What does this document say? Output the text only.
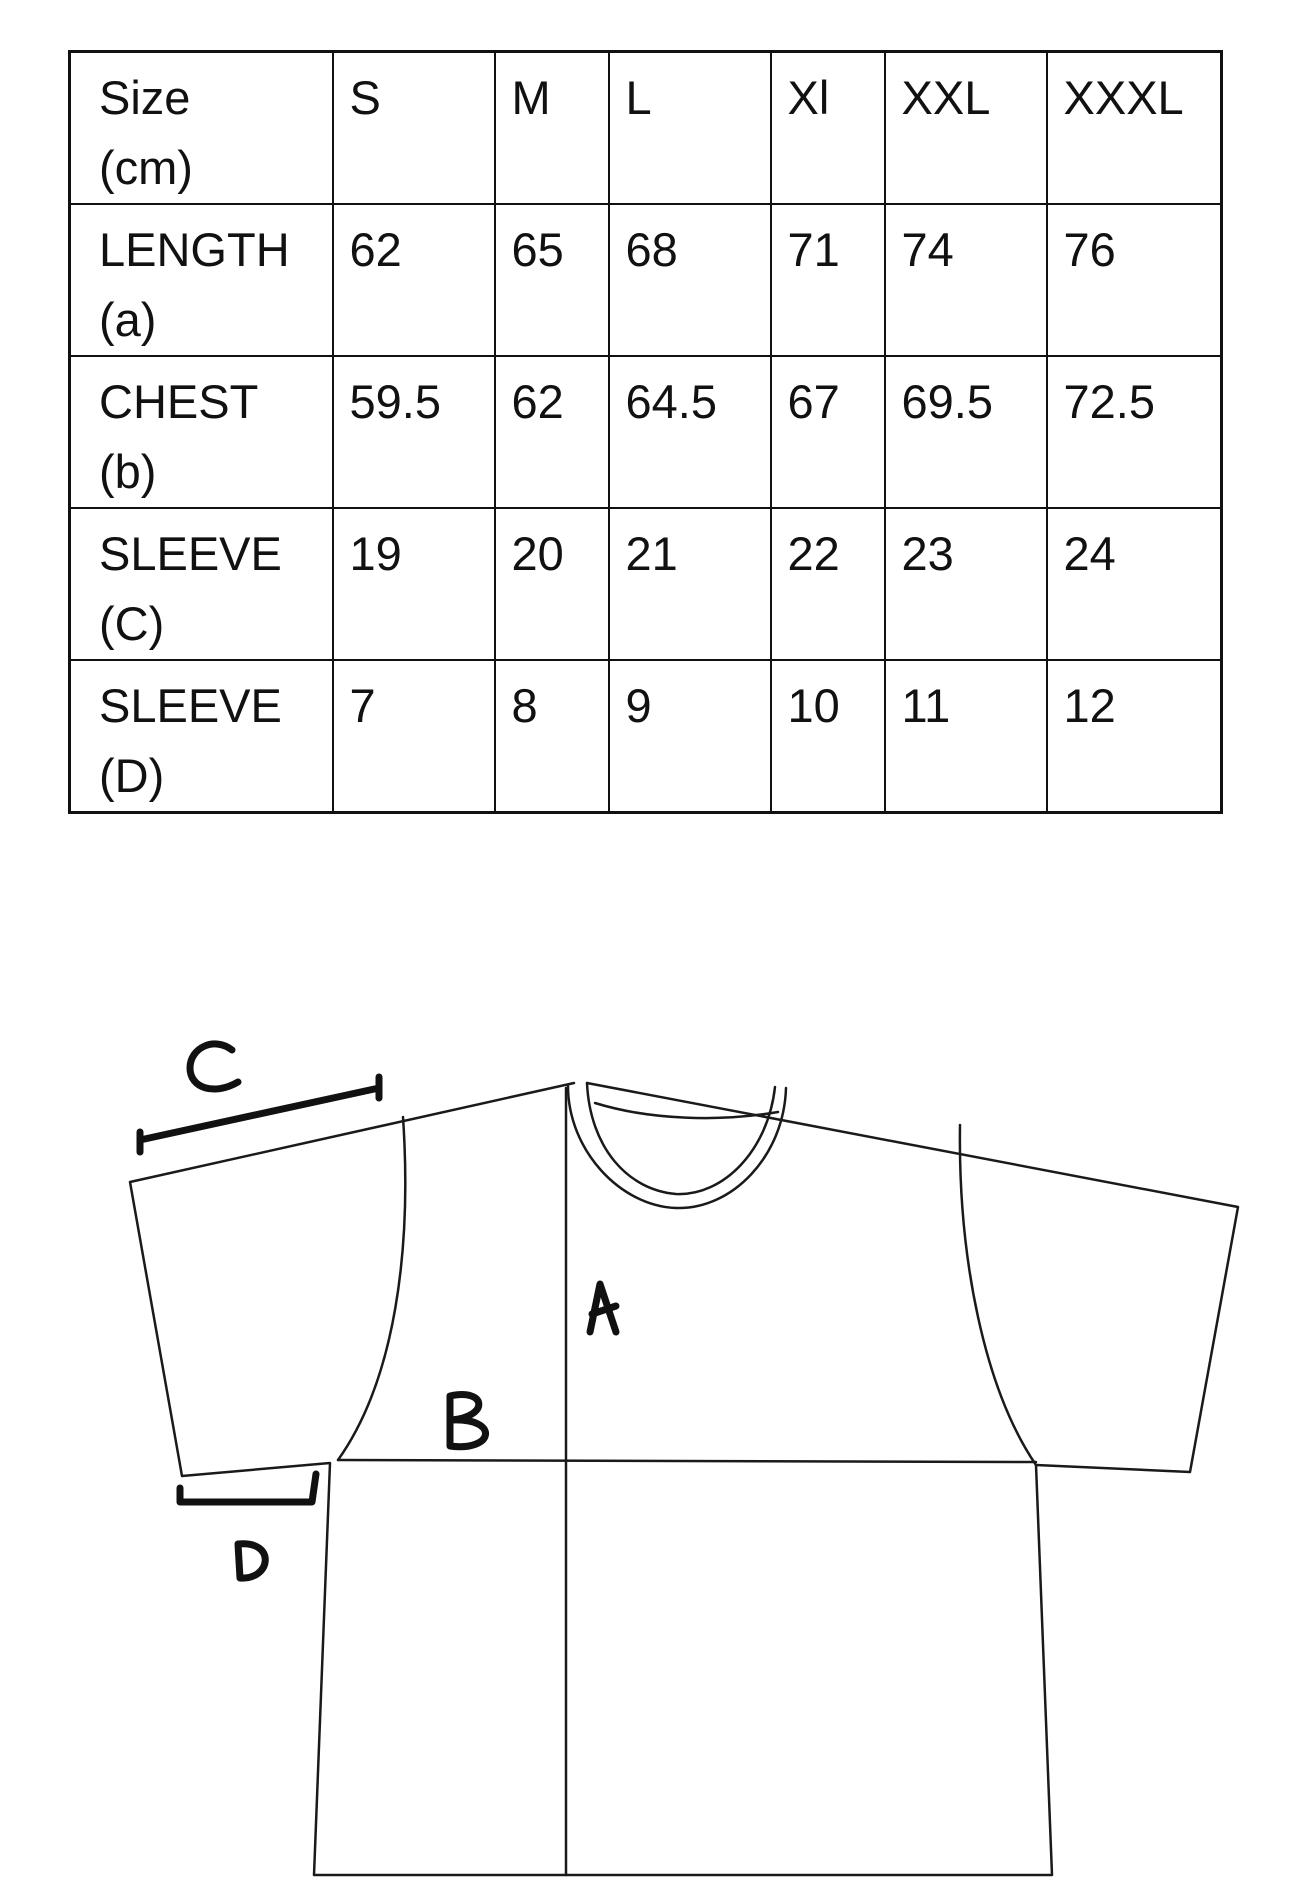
Size
(cm)	S	M	L	Xl	XXL	XXXL

LENGTH
(a)	62	65	68	71	74	76

CHEST
(b)	59.5	62	64.5	67	69.5	72.5

SLEEVE
(C)	19	20	21	22	23	24

SLEEVE
(D)	7	8	9	10	11	12
